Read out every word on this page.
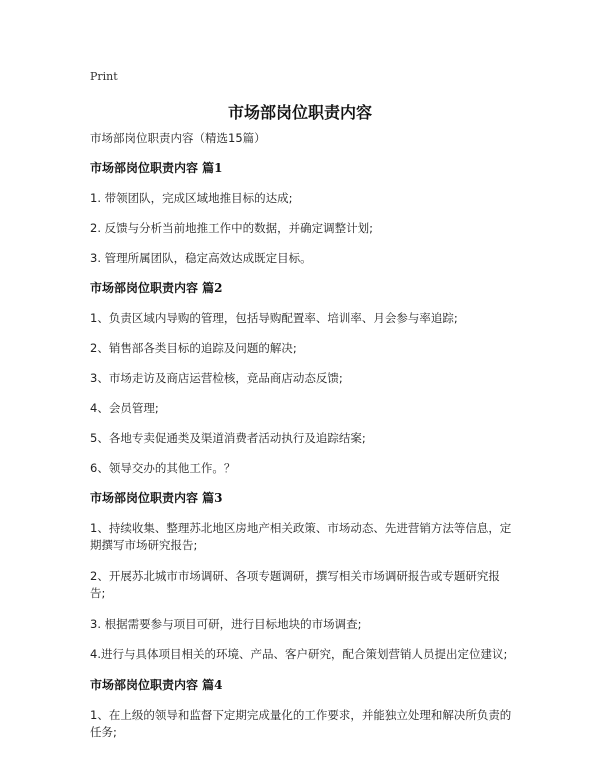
Print
市场部岗位职责内容

市场部岗位职责内容（精选15篇）

市场部岗位职责内容 篇1

1. 带领团队，完成区域地推目标的达成;

2. 反馈与分析当前地推工作中的数据，并确定调整计划;

3. 管理所属团队，稳定高效达成既定目标。

市场部岗位职责内容 篇2

1、负责区域内导购的管理，包括导购配置率、培训率、月会参与率追踪;

2、销售部各类目标的追踪及问题的解决;

3、市场走访及商店运营检核，竞品商店动态反馈;

4、会员管理;

5、各地专卖促通类及渠道消费者活动执行及追踪结案;

6、领导交办的其他工作。？

市场部岗位职责内容 篇3

1、持续收集、整理苏北地区房地产相关政策、市场动态、先进营销方法等信息，定期撰写市场研究报告;

2、开展苏北城市市场调研、各项专题调研，撰写相关市场调研报告或专题研究报告;

3. 根据需要参与项目可研，进行目标地块的市场调查;

4.进行与具体项目相关的环境、产品、客户研究，配合策划营销人员提出定位建议;

市场部岗位职责内容 篇4

1、在上级的领导和监督下定期完成量化的工作要求，并能独立处理和解决所负责的任务;
